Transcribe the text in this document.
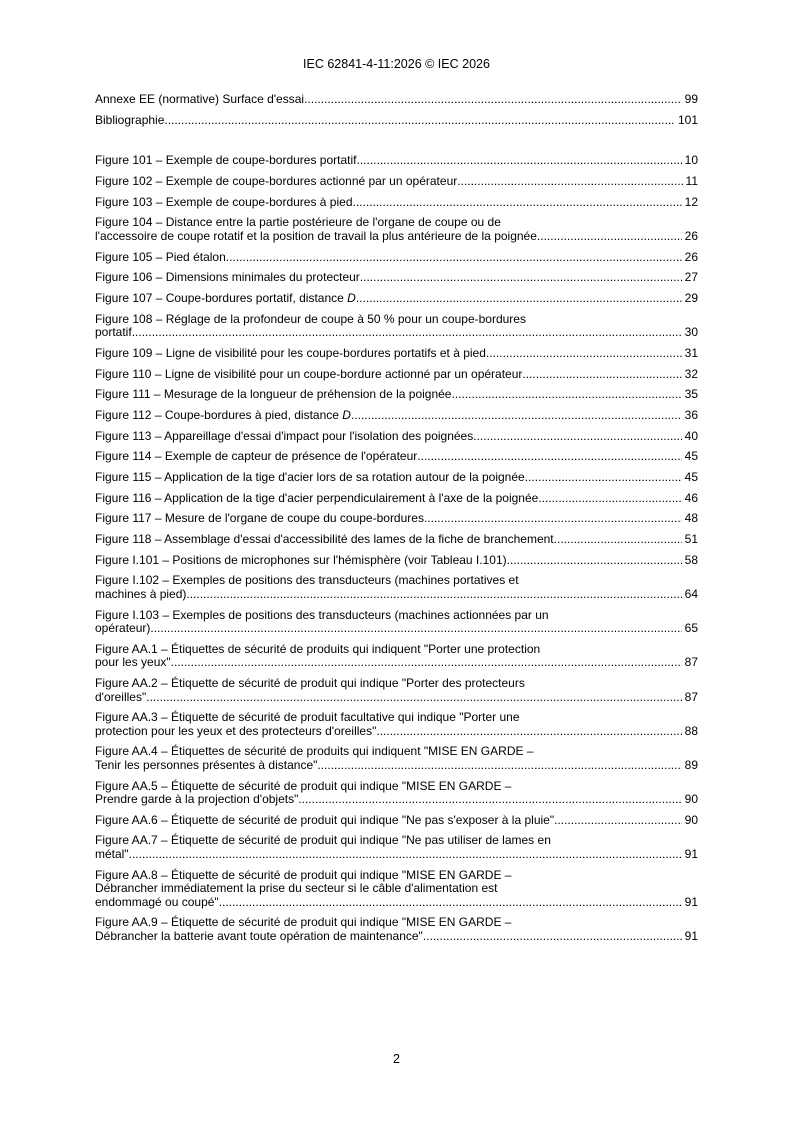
IEC 62841-4-11:2026 © IEC 2026
Annexe EE (normative) Surface d'essai .....	99
Bibliographie .....	101
Figure 101 – Exemple de coupe-bordures portatif .....	10
Figure 102 – Exemple de coupe-bordures actionné par un opérateur .....	11
Figure 103 – Exemple de coupe-bordures à pied .....	12
Figure 104 – Distance entre la partie postérieure de l'organe de coupe ou de
l'accessoire de coupe rotatif et la position de travail la plus antérieure de la poignée .....	26
Figure 105 – Pied étalon .....	26
Figure 106 – Dimensions minimales du protecteur .....	27
Figure 107 – Coupe-bordures portatif, distance D .....	29
Figure 108 – Réglage de la profondeur de coupe à 50 % pour un coupe-bordures
portatif .....	30
Figure 109 – Ligne de visibilité pour les coupe-bordures portatifs et à pied .....	31
Figure 110 – Ligne de visibilité pour un coupe-bordure actionné par un opérateur .....	32
Figure 111 – Mesurage de la longueur de préhension de la poignée .....	35
Figure 112 – Coupe-bordures à pied, distance D .....	36
Figure 113 – Appareillage d'essai d'impact pour l'isolation des poignées .....	40
Figure 114 – Exemple de capteur de présence de l'opérateur .....	45
Figure 115 – Application de la tige d'acier lors de sa rotation autour de la poignée .....	45
Figure 116 – Application de la tige d'acier perpendiculairement à l'axe de la poignée .....	46
Figure 117 – Mesure de l'organe de coupe du coupe-bordures .....	48
Figure 118 – Assemblage d'essai d'accessibilité des lames de la fiche de branchement .....	51
Figure I.101 – Positions de microphones sur l'hémisphère (voir Tableau I.101) .....	58
Figure I.102 – Exemples de positions des transducteurs (machines portatives et
machines à pied) .....	64
Figure I.103 – Exemples de positions des transducteurs (machines actionnées par un
opérateur) .....	65
Figure AA.1 – Étiquettes de sécurité de produits qui indiquent "Porter une protection
pour les yeux" .....	87
Figure AA.2 – Étiquette de sécurité de produit qui indique "Porter des protecteurs
d'oreilles" .....	87
Figure AA.3 – Étiquette de sécurité de produit facultative qui indique "Porter une
protection pour les yeux et des protecteurs d'oreilles" .....	88
Figure AA.4 – Étiquettes de sécurité de produits qui indiquent "MISE EN GARDE –
Tenir les personnes présentes à distance" .....	89
Figure AA.5 – Étiquette de sécurité de produit qui indique "MISE EN GARDE –
Prendre garde à la projection d'objets" .....	90
Figure AA.6 – Étiquette de sécurité de produit qui indique "Ne pas s'exposer à la pluie" .....	90
Figure AA.7 – Étiquette de sécurité de produit qui indique "Ne pas utiliser de lames en
métal" .....	91
Figure AA.8 – Étiquette de sécurité de produit qui indique "MISE EN GARDE –
Débrancher immédiatement la prise du secteur si le câble d'alimentation est
endommagé ou coupé" .....	91
Figure AA.9 – Étiquette de sécurité de produit qui indique "MISE EN GARDE –
Débrancher la batterie avant toute opération de maintenance" .....	91
2
